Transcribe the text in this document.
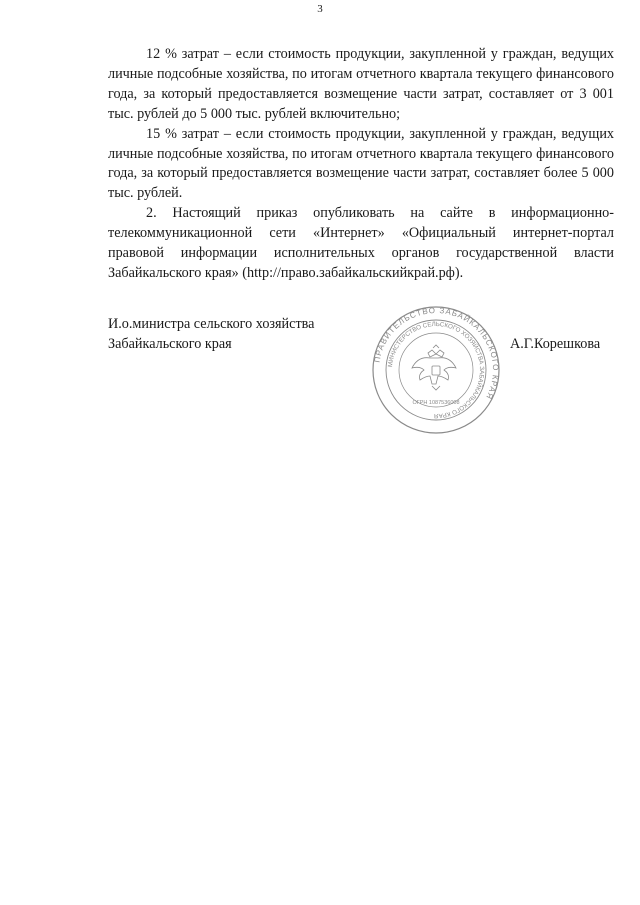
3

12 % затрат – если стоимость продукции, закупленной у граждан, ведущих личные подсобные хозяйства, по итогам отчетного квартала текущего финансового года, за который предоставляется возмещение части затрат, составляет от 3 001 тыс. рублей до 5 000 тыс. рублей включительно;

15 % затрат – если стоимость продукции, закупленной у граждан, ведущих личные подсобные хозяйства, по итогам отчетного квартала текущего финансового года, за который предоставляется возмещение части затрат, составляет более 5 000 тыс. рублей.

2. Настоящий приказ опубликовать на сайте в информационно-телекоммуникационной сети «Интернет» «Официальный интернет-портал правовой информации исполнительных органов государственной власти Забайкальского края» (http://право.забайкальскийкрай.рф).

И.о.министра сельского хозяйства
Забайкальского края	А.Г.Корешкова
ПРАВИТЕЛЬСТВО ЗАБАЙКАЛЬСКОГО КРАЯ
МИНИСТЕРСТВО СЕЛЬСКОГО ХОЗЯЙСТВА ЗАБАЙКАЛЬСКОГО КРАЯ
ОГРН 1087536008
